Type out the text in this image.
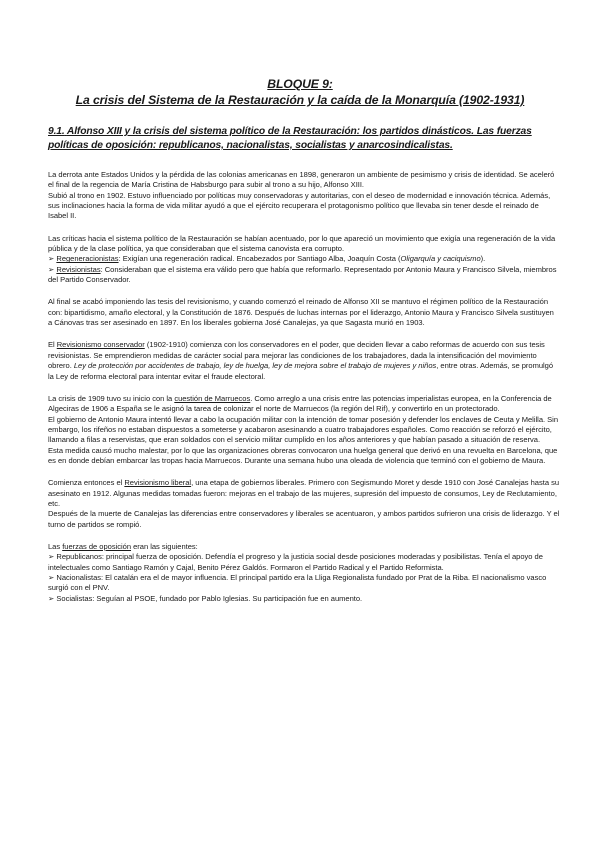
BLOQUE 9:
La crisis del Sistema de la Restauración y la caída de la Monarquía (1902-1931)
9.1. Alfonso XIII y la crisis del sistema político de la Restauración: los partidos dinásticos. Las fuerzas políticas de oposición: republicanos, nacionalistas, socialistas y anarcosindicalistas.

La derrota ante Estados Unidos y la pérdida de las colonias americanas en 1898, generaron un ambiente de pesimismo y crisis de identidad. Se aceleró el final de la regencia de María Cristina de Habsburgo para subir al trono a su hijo, Alfonso XIII.
Subió al trono en 1902. Estuvo influenciado por políticas muy conservadoras y autoritarias, con el deseo de modernidad e innovación técnica. Además, sus inclinaciones hacia la forma de vida militar ayudó a que el ejército recuperara el protagonismo político que llevaba sin tener desde el reinado de Isabel II.

Las críticas hacia el sistema político de la Restauración se habían acentuado, por lo que apareció un movimiento que exigía una regeneración de la vida pública y de la clase política, ya que consideraban que el sistema canovista era corrupto.
➢ Regeneracionistas: Exigían una regeneración radical. Encabezados por Santiago Alba, Joaquín Costa (Oligarquía y caciquismo).
➢ Revisionistas: Consideraban que el sistema era válido pero que había que reformarlo. Representado por Antonio Maura y Francisco Silvela, miembros del Partido Conservador.

Al final se acabó imponiendo las tesis del revisionismo, y cuando comenzó el reinado de Alfonso XII se mantuvo el régimen político de la Restauración con: bipartidismo, amaño electoral, y la Constitución de 1876. Después de luchas internas por el liderazgo, Antonio Maura y Francisco Silvela sustituyen a Cánovas tras ser asesinado en 1897. En los liberales gobierna José Canalejas, ya que Sagasta murió en 1903.

El Revisionismo conservador (1902-1910) comienza con los conservadores en el poder, que deciden llevar a cabo reformas de acuerdo con sus tesis revisionistas. Se emprendieron medidas de carácter social para mejorar las condiciones de los trabajadores, dada la intensificación del movimiento obrero. Ley de protección por accidentes de trabajo, ley de huelga, ley de mejora sobre el trabajo de mujeres y niños, entre otras. Además, se promulgó la Ley de reforma electoral para intentar evitar el fraude electoral.

La crisis de 1909 tuvo su inicio con la cuestión de Marruecos. Como arreglo a una crisis entre las potencias imperialistas europea, en la Conferencia de Algeciras de 1906 a España se le asignó la tarea de colonizar el norte de Marruecos (la región del Rif), y convertirlo en un protectorado.
El gobierno de Antonio Maura intentó llevar a cabo la ocupación militar con la intención de tomar posesión y defender los enclaves de Ceuta y Melilla. Sin embargo, los rifeños no estaban dispuestos a someterse y acabaron asesinando a cuatro trabajadores españoles. Como reacción se reforzó el ejército, llamando a filas a reservistas, que eran soldados con el servicio militar cumplido en los años anteriores y que habían pasado a situación de reserva.
Esta medida causó mucho malestar, por lo que las organizaciones obreras convocaron una huelga general que derivó en una revuelta en Barcelona, que es en donde debían embarcar las tropas hacia Marruecos. Durante una semana hubo una oleada de violencia que terminó con el gobierno de Maura.

Comienza entonces el Revisionismo liberal, una etapa de gobiernos liberales. Primero con Segismundo Moret y desde 1910 con José Canalejas hasta su asesinato en 1912. Algunas medidas tomadas fueron: mejoras en el trabajo de las mujeres, supresión del impuesto de consumos, Ley de Reclutamiento, etc.
Después de la muerte de Canalejas las diferencias entre conservadores y liberales se acentuaron, y ambos partidos sufrieron una crisis de liderazgo. Y el turno de partidos se rompió.

Las fuerzas de oposición eran las siguientes:
➢ Republicanos: principal fuerza de oposición. Defendía el progreso y la justicia social desde posiciones moderadas y posibilistas. Tenía el apoyo de intelectuales como Santiago Ramón y Cajal, Benito Pérez Galdós. Formaron el Partido Radical y el Partido Reformista.
➢ Nacionalistas: El catalán era el de mayor influencia. El principal partido era la Lliga Regionalista fundado por Prat de la Riba. El nacionalismo vasco surgió con el PNV.
➢ Socialistas: Seguían al PSOE, fundado por Pablo Iglesias. Su participación fue en aumento.
